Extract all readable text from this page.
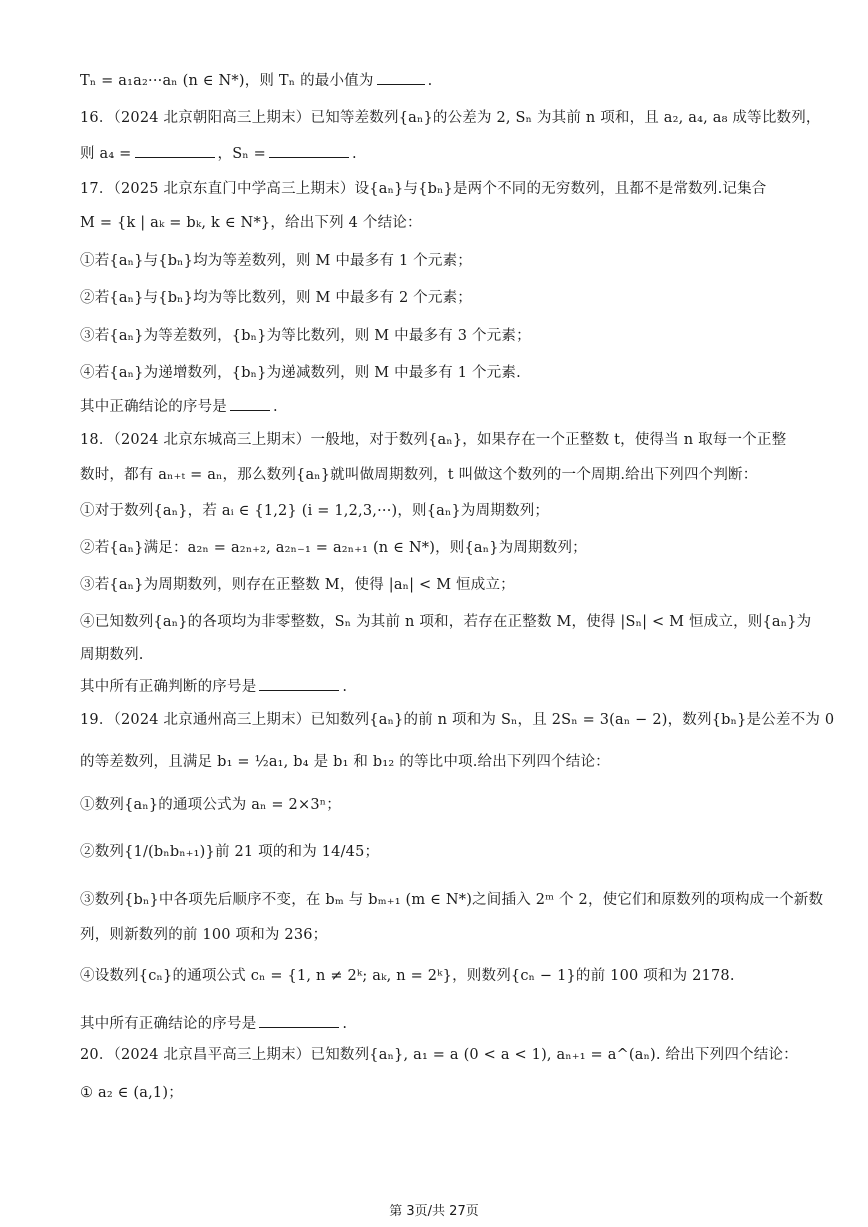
Tₙ = a₁a₂···aₙ (n ∈ N*)，则 Tₙ 的最小值为	.
16．（2024 北京朝阳高三上期末）已知等差数列{aₙ}的公差为 2, Sₙ 为其前 n 项和，且 a₂, a₄, a₈ 成等比数列，
则 a₄ =	，Sₙ =	.
17．（2025 北京东直门中学高三上期末）设{aₙ}与{bₙ}是两个不同的无穷数列，且都不是常数列.记集合
M = {k | aₖ = bₖ, k ∈ N*}，给出下列 4 个结论：
①若{aₙ}与{bₙ}均为等差数列，则 M 中最多有 1 个元素；
②若{aₙ}与{bₙ}均为等比数列，则 M 中最多有 2 个元素；
③若{aₙ}为等差数列，{bₙ}为等比数列，则 M 中最多有 3 个元素；
④若{aₙ}为递增数列，{bₙ}为递减数列，则 M 中最多有 1 个元素.
其中正确结论的序号是	.
18．（2024 北京东城高三上期末）一般地，对于数列{aₙ}，如果存在一个正整数 t，使得当 n 取每一个正整
数时，都有 aₙ₊ₜ = aₙ，那么数列{aₙ}就叫做周期数列，t 叫做这个数列的一个周期.给出下列四个判断：
①对于数列{aₙ}，若 aᵢ ∈ {1,2} (i = 1,2,3,···)，则{aₙ}为周期数列；
②若{aₙ}满足：a₂ₙ = a₂ₙ₊₂, a₂ₙ₋₁ = a₂ₙ₊₁ (n ∈ N*)，则{aₙ}为周期数列；
③若{aₙ}为周期数列，则存在正整数 M，使得 |aₙ| < M 恒成立；
④已知数列{aₙ}的各项均为非零整数，Sₙ 为其前 n 项和，若存在正整数 M，使得 |Sₙ| < M 恒成立，则{aₙ}为
周期数列.
其中所有正确判断的序号是	.
19．（2024 北京通州高三上期末）已知数列{aₙ}的前 n 项和为 Sₙ，且 2Sₙ = 3(aₙ − 2)，数列{bₙ}是公差不为 0
的等差数列，且满足 b₁ = ½a₁, b₄ 是 b₁ 和 b₁₂ 的等比中项.给出下列四个结论：
①数列{aₙ}的通项公式为 aₙ = 2×3ⁿ；
②数列{1/(bₙbₙ₊₁)}前 21 项的和为 14/45；
③数列{bₙ}中各项先后顺序不变，在 bₘ 与 bₘ₊₁ (m ∈ N*)之间插入 2ᵐ 个 2，使它们和原数列的项构成一个新数
列，则新数列的前 100 项和为 236；
④设数列{cₙ}的通项公式 cₙ = {1, n ≠ 2ᵏ; aₖ, n = 2ᵏ}，则数列{cₙ − 1}的前 100 项和为 2178.
其中所有正确结论的序号是	.
20．（2024 北京昌平高三上期末）已知数列{aₙ}, a₁ = a (0 < a < 1), aₙ₊₁ = a^(aₙ). 给出下列四个结论：
① a₂ ∈ (a,1)；
第 3页/共 27页
